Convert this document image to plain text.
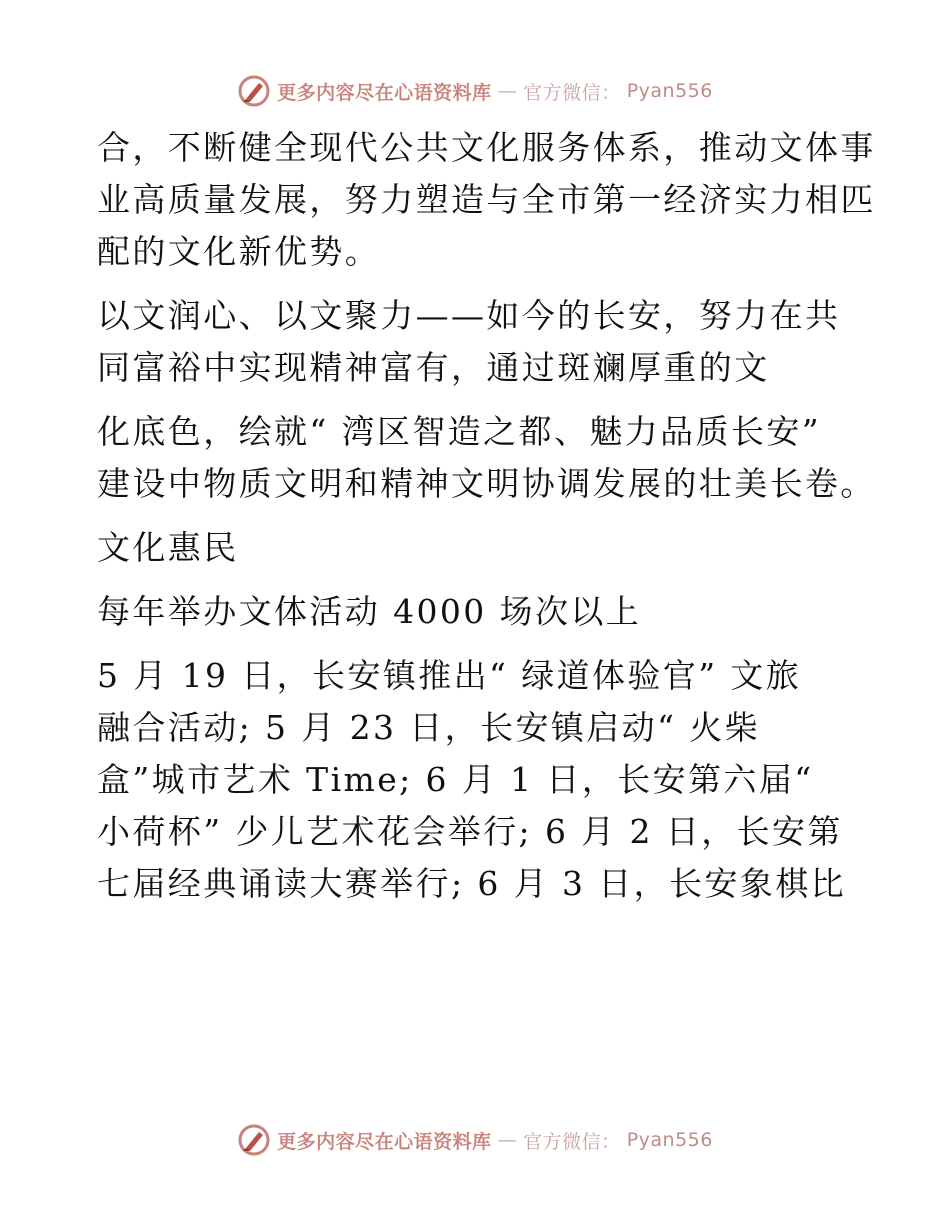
更多内容尽在心语资料库 — 官方微信： Pyan556
合，不断健全现代公共文化服务体系，推动文体事
业高质量发展，努力塑造与全市第一经济实力相匹
配的文化新优势。
以文润心、以文聚力——如今的长安，努力在共
同富裕中实现精神富有，通过斑斓厚重的文
化底色，绘就“ 湾区智造之都、魅力品质长安”
建设中物质文明和精神文明协调发展的壮美长卷。
文化惠民
每年举办文体活动 4000 场次以上
5 月 19 日，长安镇推出“ 绿道体验官” 文旅
融合活动; 5 月 23 日，长安镇启动“ 火柴
盒”城市艺术 Time; 6 月 1 日，长安第六届“
小荷杯” 少儿艺术花会举行; 6 月 2 日，长安第
七届经典诵读大赛举行; 6 月 3 日，长安象棋比
更多内容尽在心语资料库 — 官方微信： Pyan556
